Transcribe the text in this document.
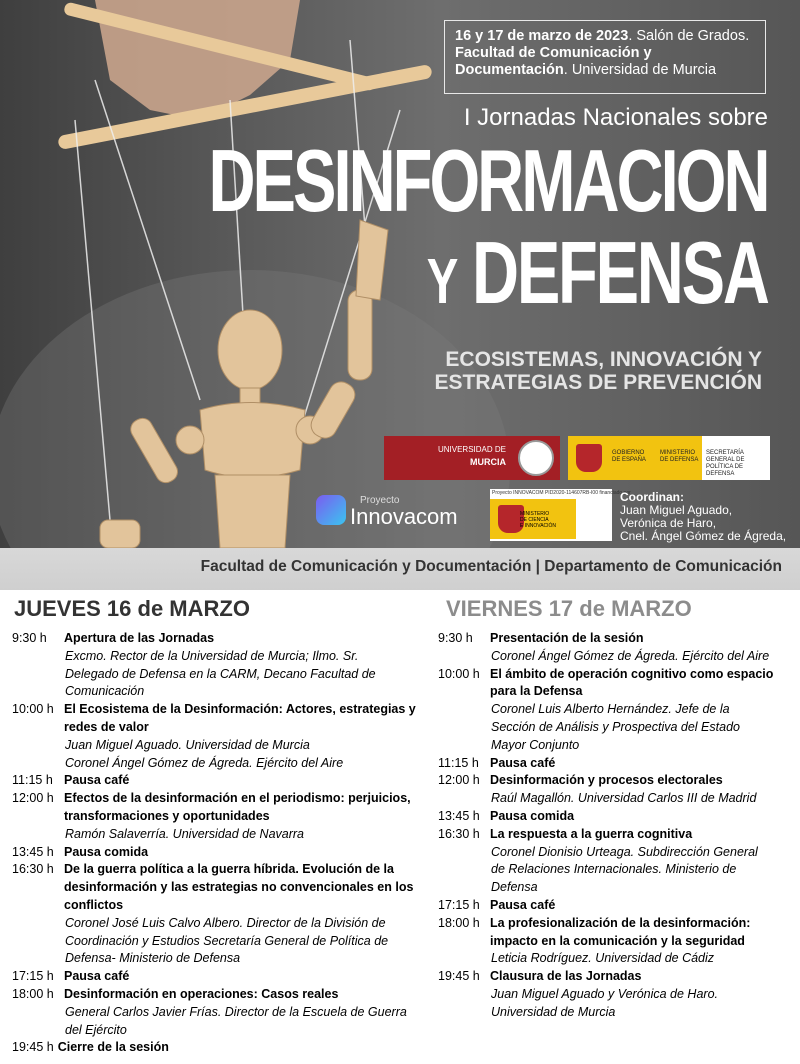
16 y 17 de marzo de 2023. Salón de Grados. Facultad de Comunicación y Documentación. Universidad de Murcia
I Jornadas Nacionales sobre
DESINFORMACION
Y DEFENSA
ECOSISTEMAS, INNOVACIÓN Y ESTRATEGIAS DE PREVENCIÓN
UNIVERSIDAD DE
MURCIA
GOBIERNO
DE ESPAÑA
MINISTERIO
DE DEFENSA
SECRETARÍA GENERAL DE
POLÍTICA DE DEFENSA
Proyecto
Innovacom
Proyecto INNOVACOM PID2020-114607RB-I00 financiado por
MINISTERIO
DE CIENCIA
E INNOVACIÓN
Coordinan:
Juan Miguel Aguado,
Verónica de Haro,
Cnel. Ángel Gómez de Ágreda,
Facultad de Comunicación y Documentación | Departamento de Comunicación
JUEVES 16 de MARZO	VIERNES 17 de MARZO
9:30 h	Apertura de las Jornadas
Excmo. Rector de la Universidad de Murcia; Ilmo. Sr.
Delegado de Defensa en la CARM, Decano Facultad de
Comunicación
10:00 h El Ecosistema de la Desinformación: Actores, estrategias y redes de valor
Juan Miguel Aguado. Universidad de Murcia
Coronel Ángel Gómez de Ágreda. Ejército del Aire
11:15 h Pausa café
12:00 h Efectos de la desinformación en el periodismo: perjuicios, transformaciones y oportunidades
Ramón Salaverría. Universidad de Navarra
13:45 h Pausa comida
16:30 h De la guerra política a la guerra híbrida. Evolución de la desinformación y las estrategias no convencionales en los conflictos
Coronel José Luis Calvo Albero. Director de la División de
Coordinación y Estudios Secretaría General de Política de
Defensa- Ministerio de Defensa
17:15 h Pausa café
18:00 h Desinformación en operaciones: Casos reales
General Carlos Javier Frías. Director de la Escuela de Guerra
del Ejército
19:45 h Cierre de la sesión
9:30 h	Presentación de la sesión
Coronel Ángel Gómez de Ágreda. Ejército del Aire
10:00 h El ámbito de operación cognitivo como espacio para la Defensa
Coronel Luis Alberto Hernández. Jefe de la
Sección de Análisis y Prospectiva del Estado
Mayor Conjunto
11:15 h Pausa café
12:00 h Desinformación y procesos electorales
Raúl Magallón. Universidad Carlos III de Madrid
13:45 h Pausa comida
16:30 h La respuesta a la guerra cognitiva
Coronel Dionisio Urteaga. Subdirección General
de Relaciones Internacionales. Ministerio de
Defensa
17:15 h Pausa café
18:00 h La profesionalización de la desinformación: impacto en la comunicación y la seguridad
Leticia Rodríguez. Universidad de Cádiz
19:45 h Clausura de las Jornadas
Juan Miguel Aguado y Verónica de Haro.
Universidad de Murcia
